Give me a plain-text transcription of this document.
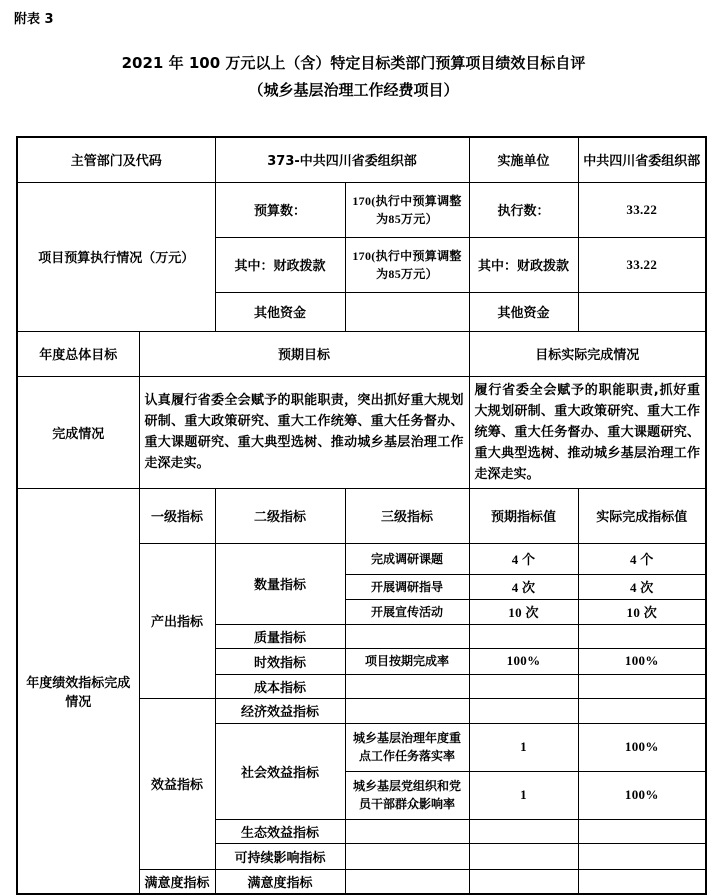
附表 3
2021 年 100 万元以上（含）特定目标类部门预算项目绩效目标自评
（城乡基层治理工作经费项目）
主管部门及代码		373-中共四川省委组织部		实施单位	中共四川省委组织部
项目预算执行情况（万元）		预算数：	170(执行中预算调整为85万元）	执行数：	33.22
		其中：财政拨款	170(执行中预算调整为85万元）	其中：财政拨款	33.22
		其他资金		其他资金	
年度总体目标	预期目标			目标实际完成情况	
完成情况	认真履行省委全会赋予的职能职责，突出抓好重大规划研制、重大政策研究、重大工作统筹、重大任务督办、重大课题研究、重大典型选树、推动城乡基层治理工作走深走实。			履行省委全会赋予的职能职责,抓好重大规划研制、重大政策研究、重大工作统筹、重大任务督办、重大课题研究、重大典型选树、推动城乡基层治理工作走深走实。	
年度绩效指标完成情况	一级指标	二级指标	三级指标	预期指标值	实际完成指标值
	产出指标	数量指标	完成调研课题	4 个	4 个
			开展调研指导	4 次	4 次
			开展宣传活动	10 次	10 次
		质量指标			
		时效指标	项目按期完成率	100%	100%
		成本指标			
	效益指标	经济效益指标			
		社会效益指标	城乡基层治理年度重点工作任务落实率	1	100%
			城乡基层党组织和党员干部群众影响率	1	100%
		生态效益指标			
		可持续影响指标			
	满意度指标	满意度指标			
